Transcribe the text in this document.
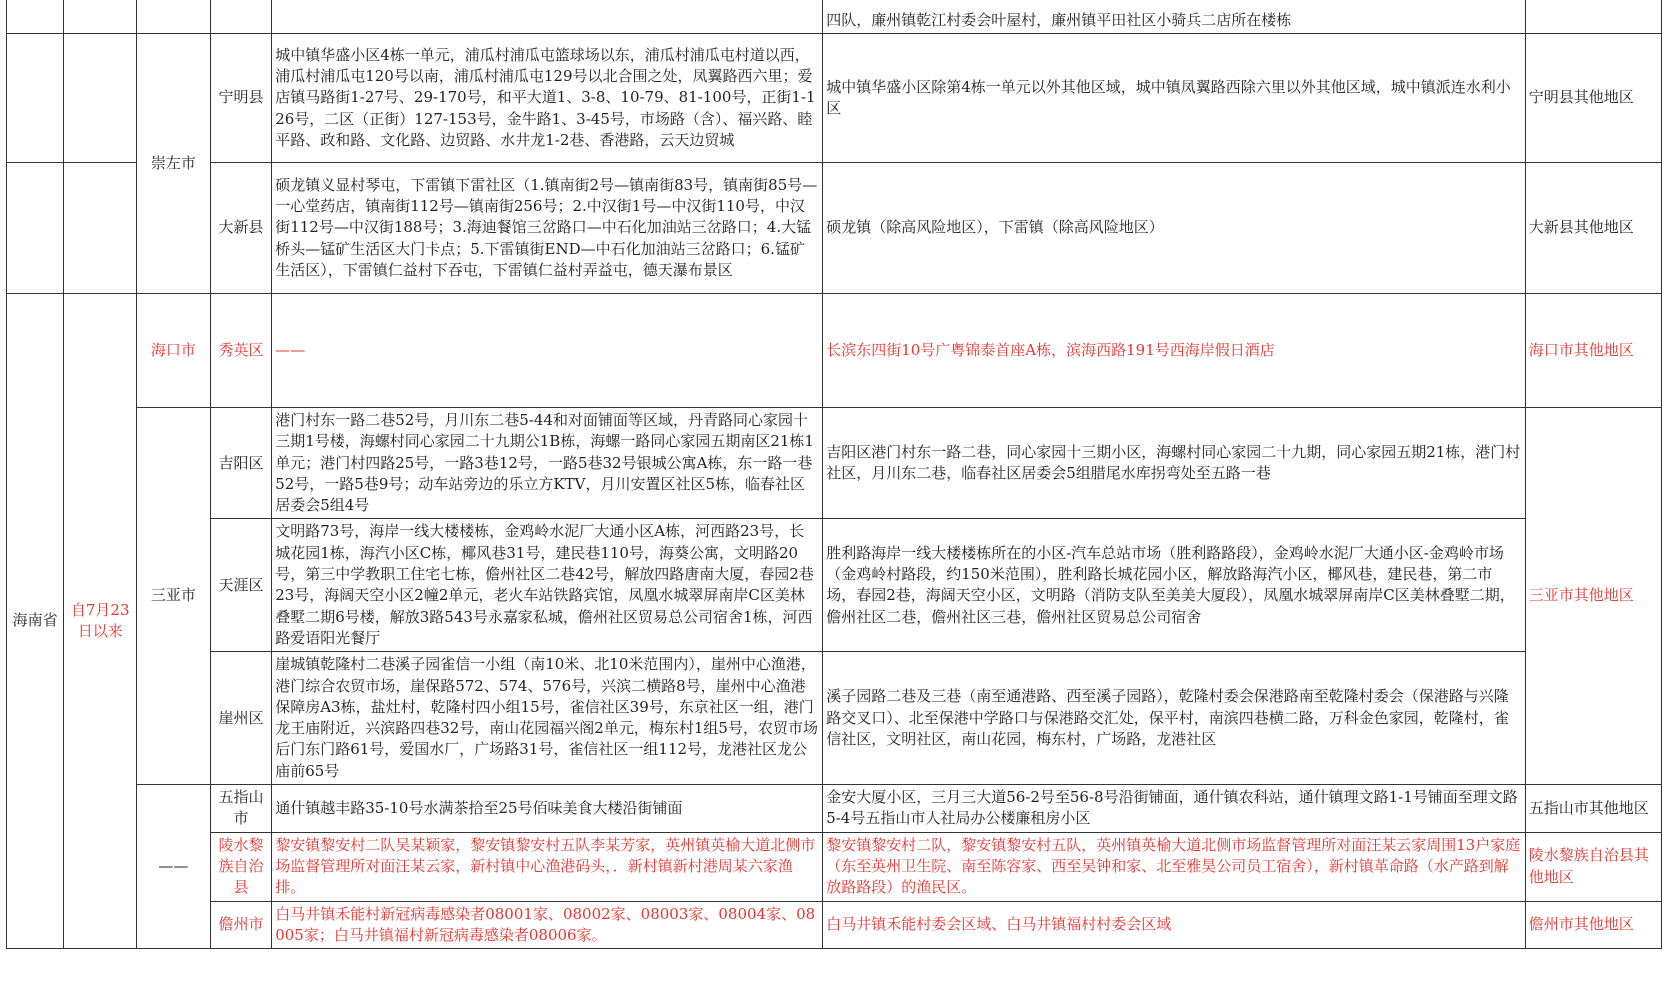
					四队，廉州镇乾江村委会叶屋村，廉州镇平田社区小骑兵二店所在楼栋	
		崇左市	宁明县	城中镇华盛小区4栋一单元，浦瓜村浦瓜屯篮球场以东，浦瓜村浦瓜屯村道以西，浦瓜村浦瓜屯120号以南，浦瓜村浦瓜屯129号以北合围之处，凤翼路西六里；爱店镇马路街1-27号、29-170号，和平大道1、3-8、10-79、81-100号，正街1-126号，二区（正街）127-153号，金牛路1、3-45号，市场路（含）、福兴路、睦平路、政和路、文化路、边贸路、水井龙1-2巷、香港路，云天边贸城	城中镇华盛小区除第4栋一单元以外其他区域，城中镇凤翼路西除六里以外其他区域，城中镇派连水利小区	宁明县其他地区
			大新县	硕龙镇义显村琴屯，下雷镇下雷社区（1.镇南街2号—镇南街83号，镇南街85号—一心堂药店，镇南街112号—镇南街256号；2.中汉街1号—中汉街110号，中汉街112号—中汉街188号；3.海迪餐馆三岔路口—中石化加油站三岔路口；4.大锰桥头—锰矿生活区大门卡点；5.下雷镇街END—中石化加油站三岔路口；6.锰矿生活区），下雷镇仁益村下吞屯，下雷镇仁益村弄益屯，德天瀑布景区	硕龙镇（除高风险地区），下雷镇（除高风险地区）	大新县其他地区
海南省	自7月23日以来	海口市	秀英区	——	长滨东四街10号广粤锦泰首座A栋，滨海西路191号西海岸假日酒店	海口市其他地区
		三亚市	吉阳区	港门村东一路二巷52号，月川东二巷5-44和对面铺面等区域，丹青路同心家园十三期1号楼，海螺村同心家园二十九期公1B栋，海螺一路同心家园五期南区21栋1单元；港门村四路25号，一路3巷12号，一路5巷32号银城公寓A栋，东一路一巷52号，一路5巷9号；动车站旁边的乐立方KTV，月川安置区社区5栋，临春社区居委会5组4号	吉阳区港门村东一路二巷，同心家园十三期小区，海螺村同心家园二十九期，同心家园五期21栋，港门村社区，月川东二巷，临春社区居委会5组腊尾水库拐弯处至五路一巷	三亚市其他地区
			天涯区	文明路73号，海岸一线大楼楼栋，金鸡岭水泥厂大通小区A栋，河西路23号，长城花园1栋，海汽小区C栋，椰风巷31号，建民巷110号，海葵公寓，文明路20号，第三中学教职工住宅七栋，儋州社区二巷42号，解放四路唐南大厦，春园2巷23号，海阔天空小区2幢2单元，老火车站铁路宾馆，凤凰水城翠屏南岸C区美林叠墅二期6号楼，解放3路543号永嘉家私城，儋州社区贸易总公司宿舍1栋，河西路爱语阳光餐厅	胜利路海岸一线大楼楼栋所在的小区-汽车总站市场（胜利路路段），金鸡岭水泥厂大通小区-金鸡岭市场（金鸡岭村路段，约150米范围），胜利路长城花园小区，解放路海汽小区，椰风巷，建民巷，第二市场，春园2巷，海阔天空小区，文明路（消防支队至美美大厦段），凤凰水城翠屏南岸C区美林叠墅二期，儋州社区二巷，儋州社区三巷，儋州社区贸易总公司宿舍	
			崖州区	崖城镇乾隆村二巷溪子园雀信一小组（南10米、北10米范围内），崖州中心渔港，港门综合农贸市场，崖保路572、574、576号，兴滨二横路8号，崖州中心渔港保障房A3栋，盐灶村，乾隆村四小组15号，雀信社区39号，东京社区一组，港门龙王庙附近，兴滨路四巷32号，南山花园福兴阁2单元，梅东村1组5号，农贸市场后门东门路61号，爱国水厂，广场路31号，雀信社区一组112号，龙港社区龙公庙前65号	溪子园路二巷及三巷（南至通港路、西至溪子园路），乾隆村委会保港路南至乾隆村委会（保港路与兴隆路交叉口）、北至保港中学路口与保港路交汇处，保平村，南滨四巷横二路，万科金色家园，乾隆村，雀信社区，文明社区，南山花园，梅东村，广场路，龙港社区	
		——	五指山市	通什镇越丰路35-10号水满茶拾至25号佰味美食大楼沿街铺面	金安大厦小区，三月三大道56-2号至56-8号沿街铺面，通什镇农科站，通什镇理文路1-1号铺面至理文路5-4号五指山市人社局办公楼廉租房小区	五指山市其他地区
			陵水黎族自治县	黎安镇黎安村二队吴某颖家，黎安镇黎安村五队李某芳家，英州镇英榆大道北侧市场监督管理所对面汪某云家，新村镇中心渔港码头，．新村镇新村港周某六家渔排。	黎安镇黎安村二队，黎安镇黎安村五队，英州镇英榆大道北侧市场监督管理所对面汪某云家周围13户家庭（东至英州卫生院、南至陈容家、西至吴钟和家、北至雅昊公司员工宿舍），新村镇革命路（水产路到解放路路段）的渔民区。	陵水黎族自治县其他地区
			儋州市	白马井镇禾能村新冠病毒感染者08001家、08002家、08003家、08004家、08005家；白马井镇福村新冠病毒感染者08006家。	白马井镇禾能村委会区域、白马井镇福村村委会区域	儋州市其他地区
